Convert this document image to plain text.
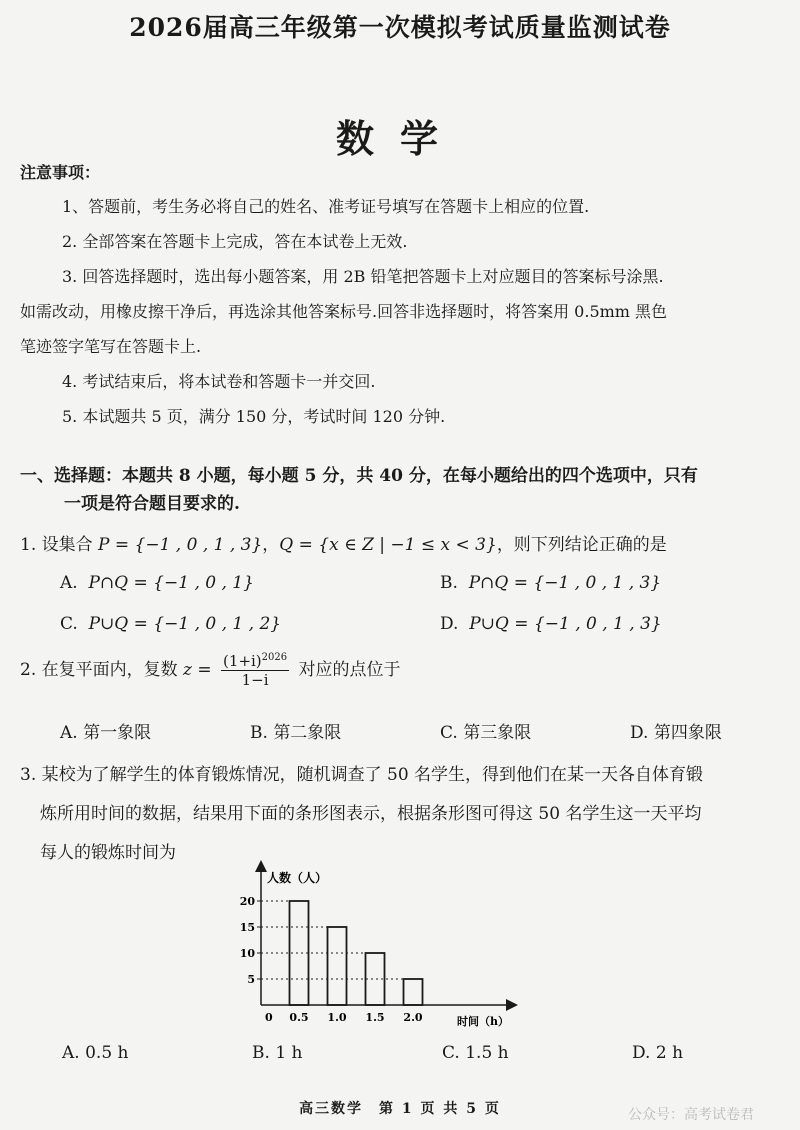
2026届高三年级第一次模拟考试质量监测试卷
数学
注意事项：
1、答题前，考生务必将自己的姓名、准考证号填写在答题卡上相应的位置.
2. 全部答案在答题卡上完成，答在本试卷上无效.
3. 回答选择题时，选出每小题答案，用 2B 铅笔把答题卡上对应题目的答案标号涂黑.
如需改动，用橡皮擦干净后，再选涂其他答案标号.回答非选择题时，将答案用 0.5mm 黑色
笔迹签字笔写在答题卡上.
4. 考试结束后，将本试卷和答题卡一并交回.
5. 本试题共 5 页，满分 150 分，考试时间 120 分钟.
一、选择题：本题共 8 小题，每小题 5 分，共 40 分，在每小题给出的四个选项中，只有
一项是符合题目要求的.
1. 设集合 P = {−1 , 0 , 1 , 3}，Q = {x ∈ Z | −1 ≤ x < 3}，则下列结论正确的是
A. P∩Q = {−1 , 0 , 1}	B. P∩Q = {−1 , 0 , 1 , 3}
C. P∪Q = {−1 , 0 , 1 , 2}	D. P∪Q = {−1 , 0 , 1 , 3}
2. 在复平面内，复数 $z = \frac{(1+i)^{2026}}{1-i}$ 对应的点位于
A. 第一象限	B. 第二象限	C. 第三象限	D. 第四象限
3. 某校为了解学生的体育锻炼情况，随机调查了 50 名学生，得到他们在某一天各自体育锻
炼所用时间的数据，结果用下面的条形图表示，根据条形图可得这 50 名学生这一天平均
每人的锻炼时间为
人数（人）
时间（h）
0
5
10
15
20
0.5 1.0 1.5 2.0
A. 0.5 h	B. 1 h	C. 1.5 h	D. 2 h
高三数学　第 1 页 共 5 页	公众号：高考试卷君
